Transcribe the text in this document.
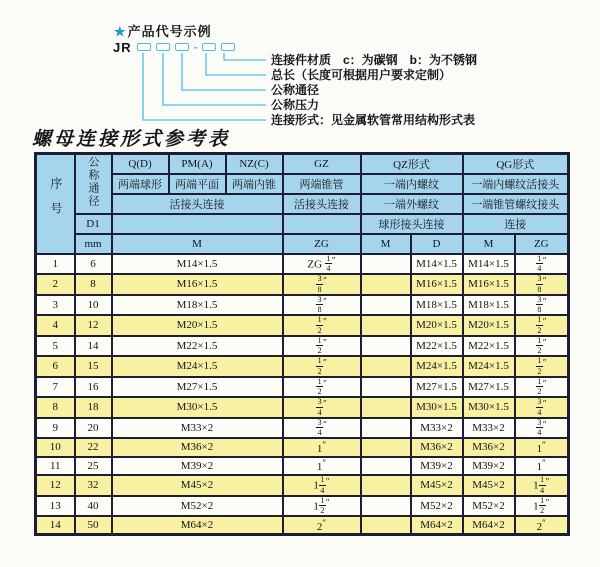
★产品代号示例
JR	-
连接件材质　c：为碳钢　b：为不锈钢
总长（长度可根据用户要求定制）
公称通径
公称压力
连接形式：见金属软管常用结构形式表
螺母连接形式参考表
序号	公称通径	Q(D)	PM(A)	NZ(C)	GZ	QZ形式		QG形式	
		两端球形	两端平面	两端内锥	两端锥管	一端内螺纹		一端内螺纹活接头	
		活接头连接			活接头连接	一端外螺纹		一端锥管螺纹接头	
	D1					球形接头连接		连接	
	mm	M			ZG	M	D	M	ZG
1	6	M14×1.5			ZG $\frac{1}{4} ''$		M14×1.5	M14×1.5	$\frac{1}{4} ''$
2	8	M16×1.5			$\frac{3}{8} ''$		M16×1.5	M16×1.5	$\frac{3}{8} ''$
3	10	M18×1.5			$\frac{3}{8} ''$		M18×1.5	M18×1.5	$\frac{3}{8} ''$
4	12	M20×1.5			$\frac{1}{2} ''$		M20×1.5	M20×1.5	$\frac{1}{2} ''$
5	14	M22×1.5			$\frac{1}{2} ''$		M22×1.5	M22×1.5	$\frac{1}{2} ''$
6	15	M24×1.5			$\frac{1}{2} ''$		M24×1.5	M24×1.5	$\frac{1}{2} ''$
7	16	M27×1.5			$\frac{1}{2} ''$		M27×1.5	M27×1.5	$\frac{1}{2} ''$
8	18	M30×1.5			$\frac{3}{4} ''$		M30×1.5	M30×1.5	$\frac{3}{4} ''$
9	20	M33×2			$\frac{3}{4} ''$		M33×2	M33×2	$\frac{3}{4} ''$
10	22	M36×2			1″		M36×2	M36×2	1″
11	25	M39×2			1″		M39×2	M39×2	1″
12	32	M45×2			$1 \frac{1}{4} ''$		M45×2	M45×2	$1 \frac{1}{4} ''$
13	40	M52×2			$1 \frac{1}{2} ''$		M52×2	M52×2	$1 \frac{1}{2} ''$
14	50	M64×2			2″		M64×2	M64×2	2″
